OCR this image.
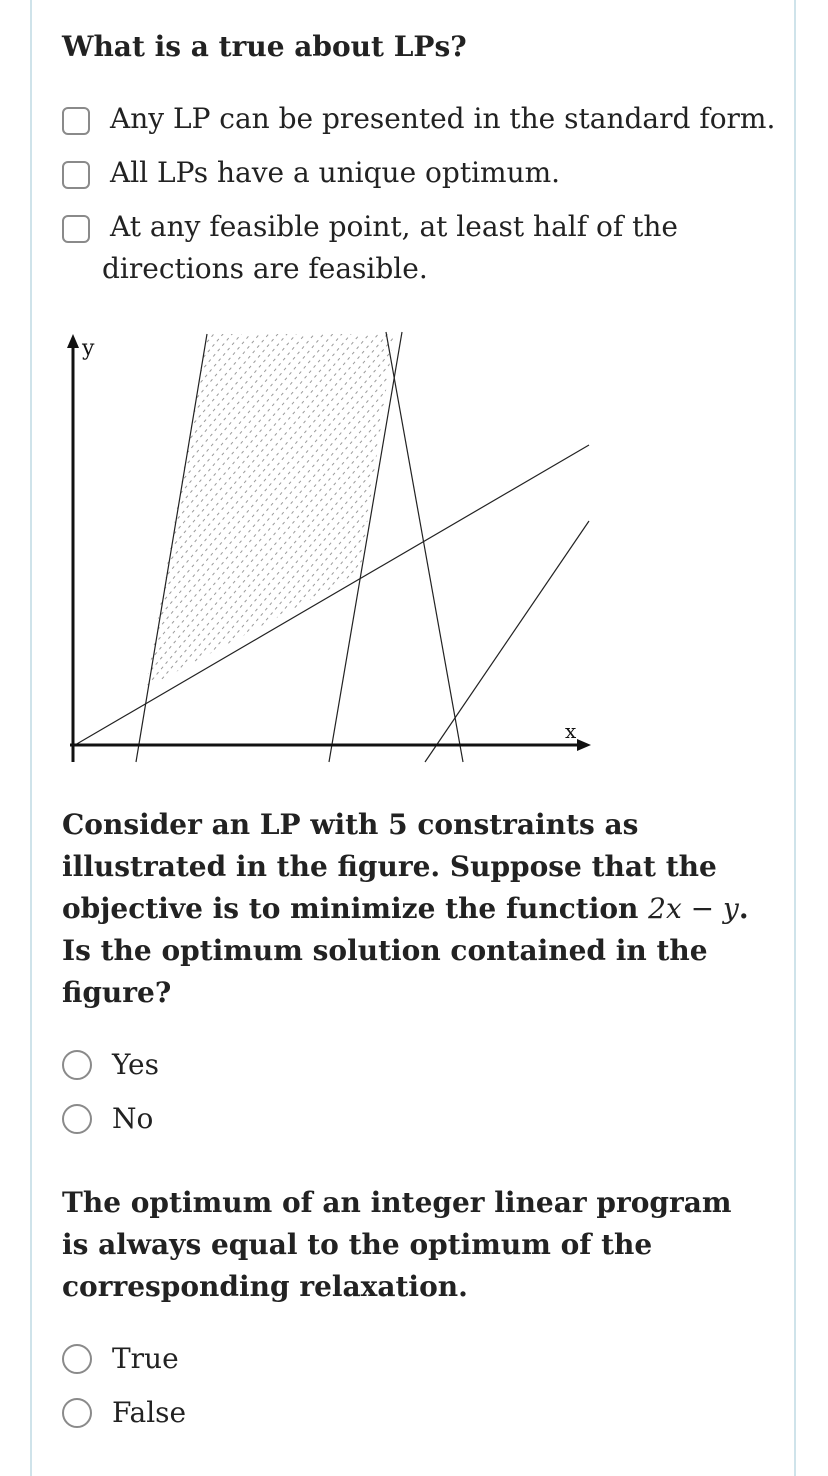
What is a true about LPs?

Any LP can be presented in the standard form.
All LPs have a unique optimum.
At any feasible point, at least half of the
directions are feasible.

Consider an LP with 5 constraints as illustrated in the figure. Suppose that the objective is to minimize the function 2x − y. Is the optimum solution contained in the figure?

Yes
No

The optimum of an integer linear program is always equal to the optimum of the corresponding relaxation.

True
False
y
x
